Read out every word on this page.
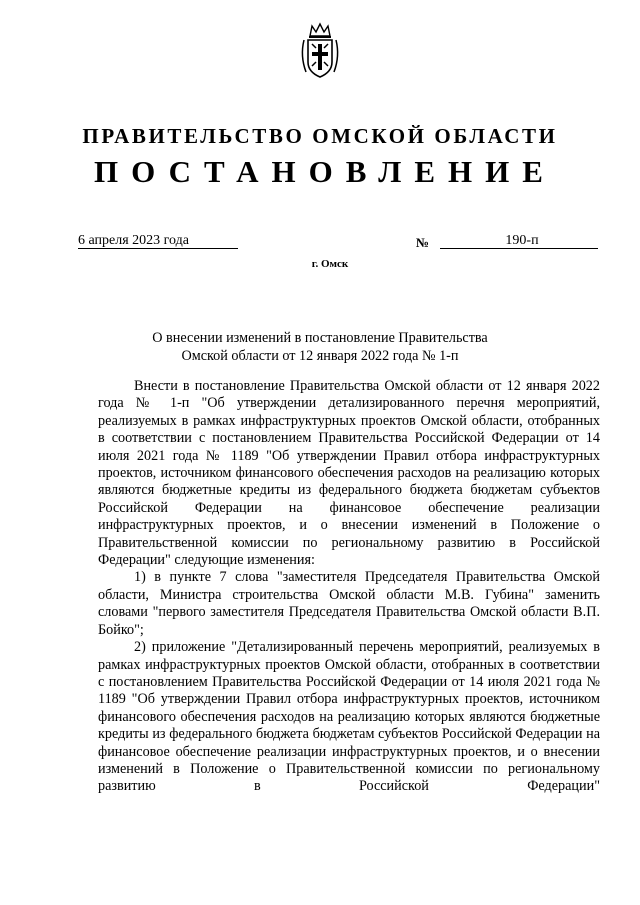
ПРАВИТЕЛЬСТВО ОМСКОЙ ОБЛАСТИ
ПОСТАНОВЛЕНИЕ
6 апреля 2023 года	№	190-п
г. Омск
О внесении изменений в постановление Правительства
Омской области от 12 января 2022 года № 1-п

Внести в постановление Правительства Омской области от 12 января 2022 года № 1-п "Об утверждении детализированного перечня мероприятий, реализуемых в рамках инфраструктурных проектов Омской области, отобранных в соответствии с постановлением Правительства Российской Федерации от 14 июля 2021 года № 1189 "Об утверждении Правил отбора инфраструктурных проектов, источником финансового обеспечения расходов на реализацию которых являются бюджетные кредиты из федерального бюджета бюджетам субъектов Российской Федерации на финансовое обеспечение реализации инфраструктурных проектов, и о внесении изменений в Положение о Правительственной комиссии по региональному развитию в Российской Федерации" следующие изменения:

1) в пункте 7 слова "заместителя Председателя Правительства Омской области, Министра строительства Омской области М.В. Губина" заменить словами "первого заместителя Председателя Правительства Омской области В.П. Бойко";

2) приложение "Детализированный перечень мероприятий, реализуемых в рамках инфраструктурных проектов Омской области, отобранных в соответствии с постановлением Правительства Российской Федерации от 14 июля 2021 года № 1189 "Об утверждении Правил отбора инфраструктурных проектов, источником финансового обеспечения расходов на реализацию которых являются бюджетные кредиты из федерального бюджета бюджетам субъектов Российской Федерации на финансовое обеспечение реализации инфраструктурных проектов, и о внесении изменений в Положение о Правительственной комиссии по региональному развитию в Российской Федерации"
